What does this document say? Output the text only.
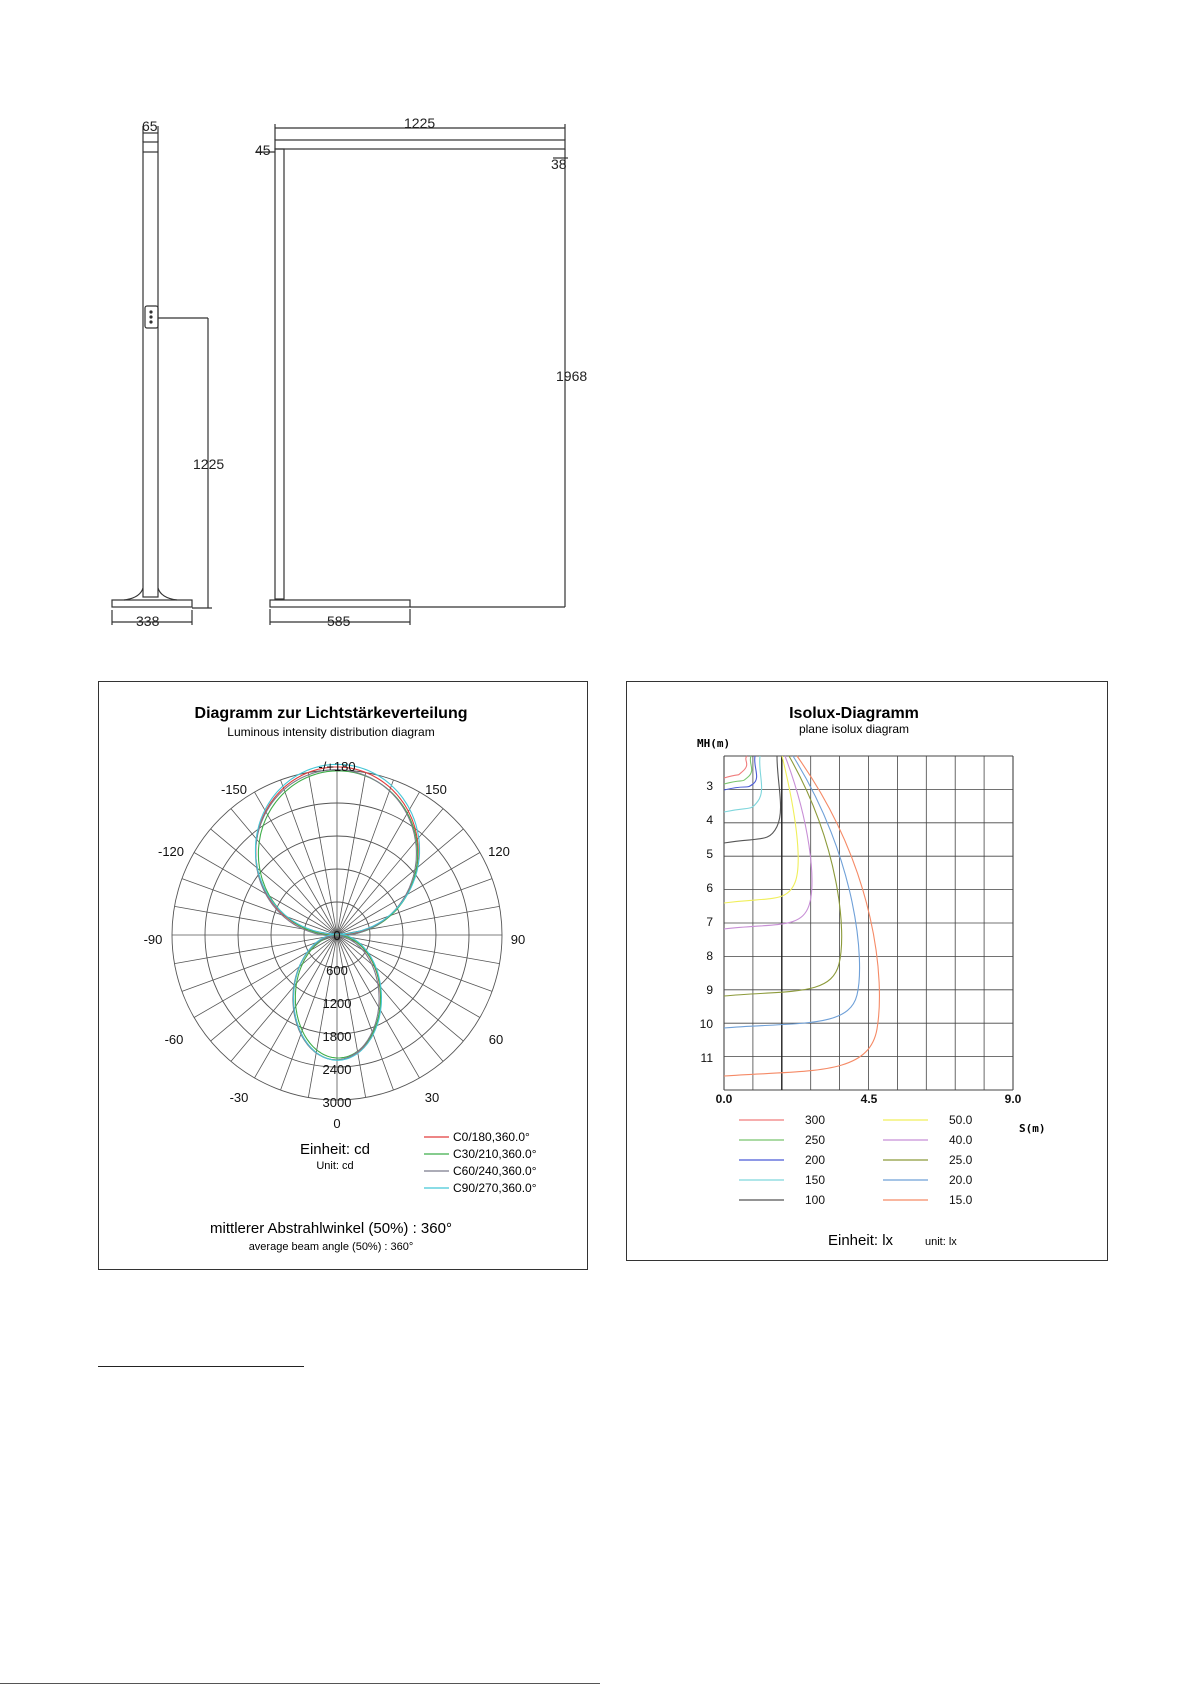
65	1225
45
38
1968
1225
338	585
Diagramm zur Lichtstärkeverteilung
Luminous intensity distribution diagram
-/+180
-150	150
-120	120
-90	90
-60	60
-30	30
0
0
600
1200
1800
2400
3000
Einheit: cd
Unit: cd
C0/180,360.0°
C30/210,360.0°
C60/240,360.0°
C90/270,360.0°
mittlerer Abstrahlwinkel (50%) : 360°
average beam angle (50%) : 360°
Isolux-Diagramm
plane isolux diagram
MH(m)
3
4
5
6
7
8
9
10
11
0.0	4.5	9.0
S(m)
300
250
200
150
100
50.0
40.0
25.0
20.0
15.0
Einheit: lx	unit: lx
